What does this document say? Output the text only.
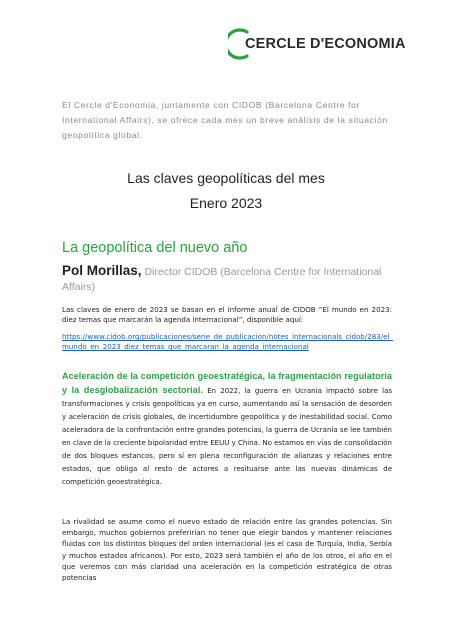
CERCLE D'ECONOMIA
El Cercle d'Economia, juntamente con CIDOB (Barcelona Centre for International Affairs), se ofrece cada mes un breve análisis de la situación geopolítica global.
Las claves geopolíticas del mes
Enero 2023
La geopolítica del nuevo año
Pol Morillas, Director CIDOB (Barcelona Centre for International Affairs)
Las claves de enero de 2023 se basan en el informe anual de CIDOB “El mundo en 2023: diez temas que marcarán la agenda internacional”, disponible aquí:
https://www.cidob.org/publicaciones/serie_de_publicacion/notes_internacionals_cidob/283/el_mundo_en_2023_diez_temas_que_marcaran_la_agenda_internacional
Aceleración de la competición geoestratégica, la fragmentación regulatoria y la desglobalización sectorial. En 2022, la guerra en Ucrania impactó sobre las transformaciones y crisis geopolíticas ya en curso, aumentando así la sensación de desorden y aceleración de crisis globales, de incertidumbre geopolítica y de inestabilidad social. Como aceleradora de la confrontación entre grandes potencias, la guerra de Ucrania se lee también en clave de la creciente bipolaridad entre EEUU y China. No estamos en vías de consolidación de dos bloques estancos, pero sí en plena reconfiguración de alianzas y relaciones entre estados, que obliga al resto de actores a resituarse ante las nuevas dinámicas de competición geoestratégica.
La rivalidad se asume como el nuevo estado de relación entre las grandes potencias. Sin embargo, muchos gobiernos preferirían no tener que elegir bandos y mantener relaciones fluidas con los distintos bloques del orden internacional (es el caso de Turquía, India, Serbia y muchos estados africanos). Por esto, 2023 será también el año de los otros, el año en el que veremos con más claridad una aceleración en la competición estratégica de otras potencias
